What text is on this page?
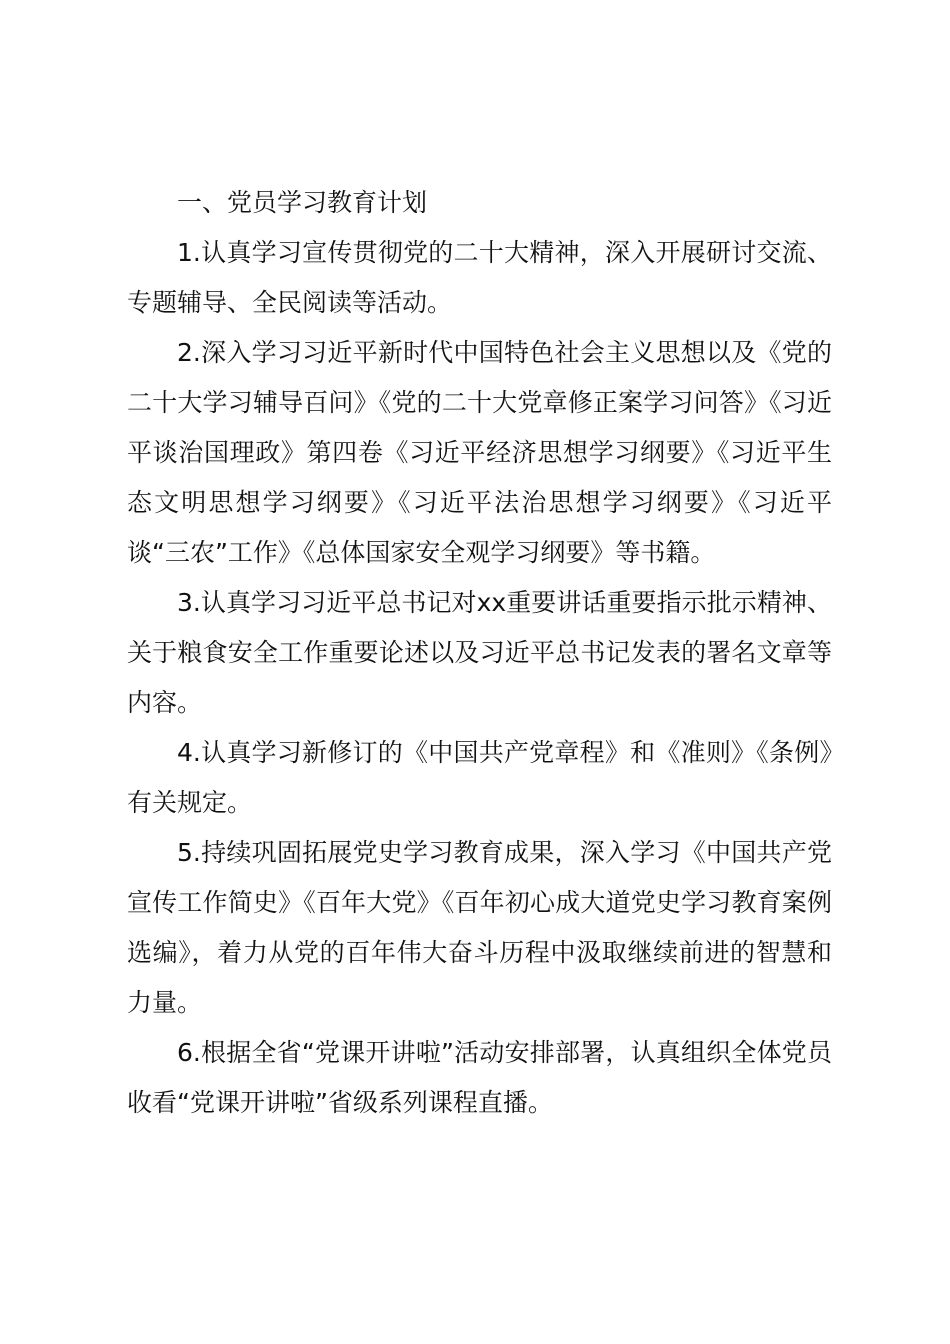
一、党员学习教育计划

1.认真学习宣传贯彻党的二十大精神，深入开展研讨交流、专题辅导、全民阅读等活动。

2.深入学习习近平新时代中国特色社会主义思想以及《党的二十大学习辅导百问》《党的二十大党章修正案学习问答》《习近平谈治国理政》第四卷《习近平经济思想学习纲要》《习近平生态文明思想学习纲要》《习近平法治思想学习纲要》《习近平谈“三农”工作》《总体国家安全观学习纲要》等书籍。

3.认真学习习近平总书记对xx重要讲话重要指示批示精神、关于粮食安全工作重要论述以及习近平总书记发表的署名文章等内容。

4.认真学习新修订的《中国共产党章程》和《准则》《条例》有关规定。

5.持续巩固拓展党史学习教育成果，深入学习《中国共产党宣传工作简史》《百年大党》《百年初心成大道党史学习教育案例选编》，着力从党的百年伟大奋斗历程中汲取继续前进的智慧和力量。

6.根据全省“党课开讲啦”活动安排部署，认真组织全体党员收看“党课开讲啦”省级系列课程直播。
